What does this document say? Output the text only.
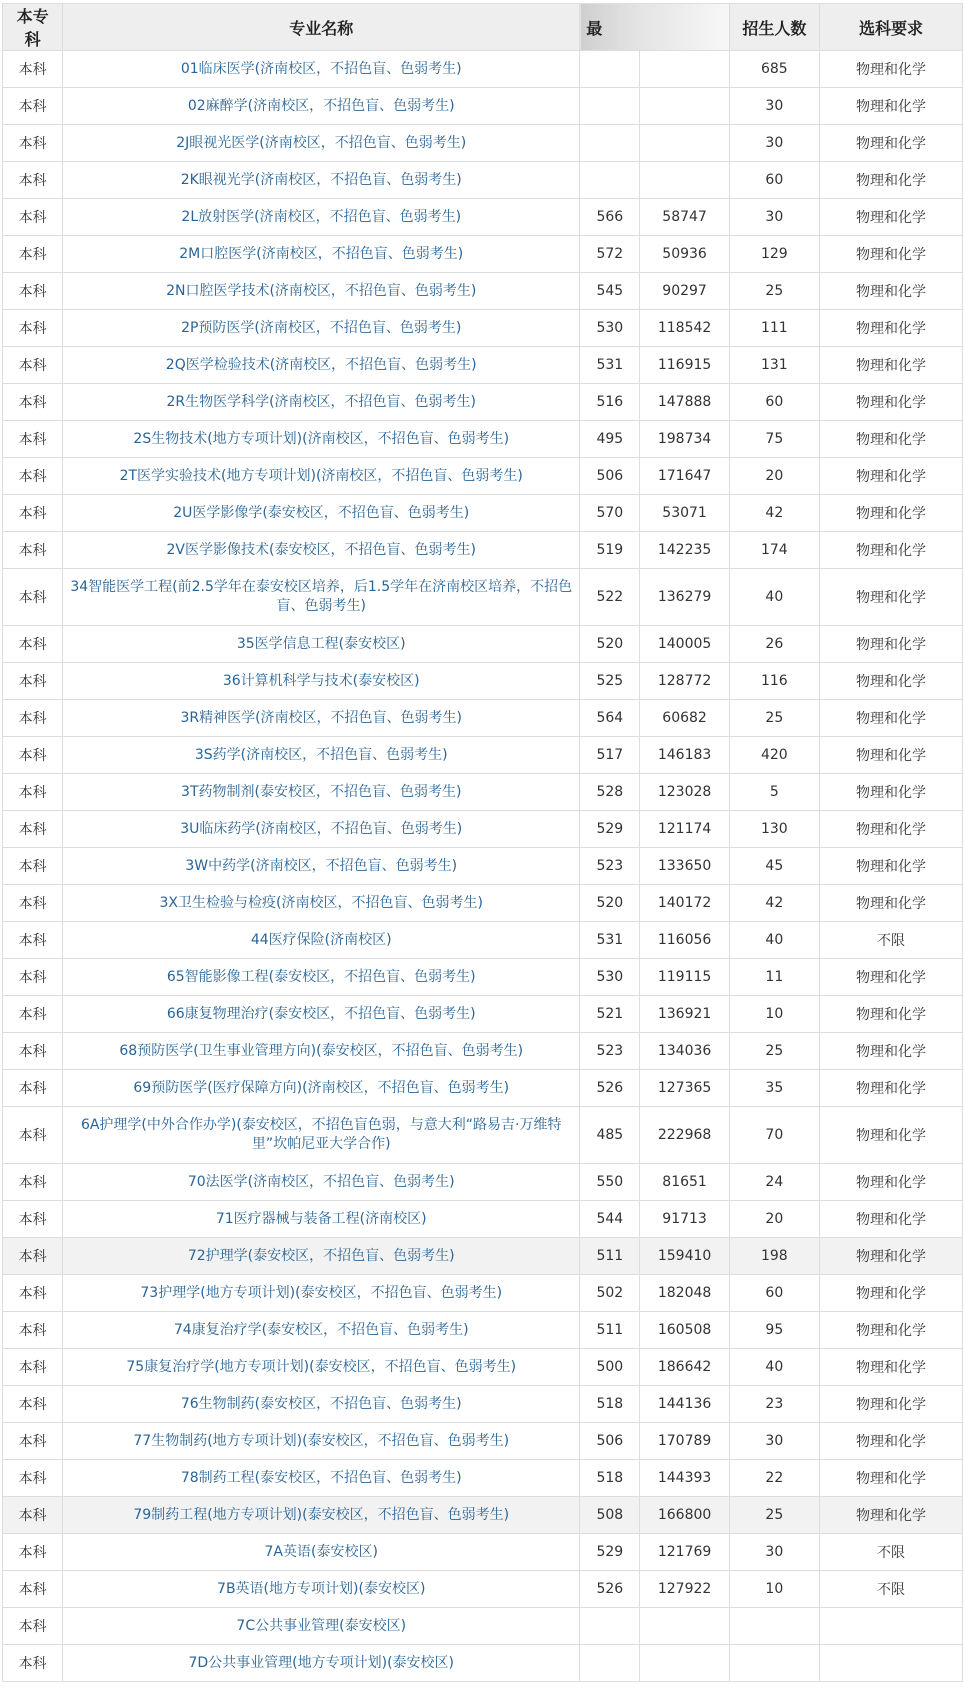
本专科	专业名称	最		招生人数	选科要求
本科	01临床医学(济南校区，不招色盲、色弱考生)			685	物理和化学
本科	02麻醉学(济南校区，不招色盲、色弱考生)			30	物理和化学
本科	2J眼视光医学(济南校区，不招色盲、色弱考生)			30	物理和化学
本科	2K眼视光学(济南校区，不招色盲、色弱考生)			60	物理和化学
本科	2L放射医学(济南校区，不招色盲、色弱考生)	566	58747	30	物理和化学
本科	2M口腔医学(济南校区，不招色盲、色弱考生)	572	50936	129	物理和化学
本科	2N口腔医学技术(济南校区，不招色盲、色弱考生)	545	90297	25	物理和化学
本科	2P预防医学(济南校区，不招色盲、色弱考生)	530	118542	111	物理和化学
本科	2Q医学检验技术(济南校区，不招色盲、色弱考生)	531	116915	131	物理和化学
本科	2R生物医学科学(济南校区，不招色盲、色弱考生)	516	147888	60	物理和化学
本科	2S生物技术(地方专项计划)(济南校区，不招色盲、色弱考生)	495	198734	75	物理和化学
本科	2T医学实验技术(地方专项计划)(济南校区，不招色盲、色弱考生)	506	171647	20	物理和化学
本科	2U医学影像学(泰安校区，不招色盲、色弱考生)	570	53071	42	物理和化学
本科	2V医学影像技术(泰安校区，不招色盲、色弱考生)	519	142235	174	物理和化学
本科	34智能医学工程(前2.5学年在泰安校区培养，后1.5学年在济南校区培养，不招色盲、色弱考生)	522	136279	40	物理和化学
本科	35医学信息工程(泰安校区)	520	140005	26	物理和化学
本科	36计算机科学与技术(泰安校区)	525	128772	116	物理和化学
本科	3R精神医学(济南校区，不招色盲、色弱考生)	564	60682	25	物理和化学
本科	3S药学(济南校区，不招色盲、色弱考生)	517	146183	420	物理和化学
本科	3T药物制剂(泰安校区，不招色盲、色弱考生)	528	123028	5	物理和化学
本科	3U临床药学(济南校区，不招色盲、色弱考生)	529	121174	130	物理和化学
本科	3W中药学(济南校区，不招色盲、色弱考生)	523	133650	45	物理和化学
本科	3X卫生检验与检疫(济南校区，不招色盲、色弱考生)	520	140172	42	物理和化学
本科	44医疗保险(济南校区)	531	116056	40	不限
本科	65智能影像工程(泰安校区，不招色盲、色弱考生)	530	119115	11	物理和化学
本科	66康复物理治疗(泰安校区，不招色盲、色弱考生)	521	136921	10	物理和化学
本科	68预防医学(卫生事业管理方向)(泰安校区，不招色盲、色弱考生)	523	134036	25	物理和化学
本科	69预防医学(医疗保障方向)(济南校区，不招色盲、色弱考生)	526	127365	35	物理和化学
本科	6A护理学(中外合作办学)(泰安校区，不招色盲色弱，与意大利“路易吉·万维特里”坎帕尼亚大学合作)	485	222968	70	物理和化学
本科	70法医学(济南校区，不招色盲、色弱考生)	550	81651	24	物理和化学
本科	71医疗器械与装备工程(济南校区)	544	91713	20	物理和化学
本科	72护理学(泰安校区，不招色盲、色弱考生)	511	159410	198	物理和化学
本科	73护理学(地方专项计划)(泰安校区，不招色盲、色弱考生)	502	182048	60	物理和化学
本科	74康复治疗学(泰安校区，不招色盲、色弱考生)	511	160508	95	物理和化学
本科	75康复治疗学(地方专项计划)(泰安校区，不招色盲、色弱考生)	500	186642	40	物理和化学
本科	76生物制药(泰安校区，不招色盲、色弱考生)	518	144136	23	物理和化学
本科	77生物制药(地方专项计划)(泰安校区，不招色盲、色弱考生)	506	170789	30	物理和化学
本科	78制药工程(泰安校区，不招色盲、色弱考生)	518	144393	22	物理和化学
本科	79制药工程(地方专项计划)(泰安校区，不招色盲、色弱考生)	508	166800	25	物理和化学
本科	7A英语(泰安校区)	529	121769	30	不限
本科	7B英语(地方专项计划)(泰安校区)	526	127922	10	不限
本科	7C公共事业管理(泰安校区)				
本科	7D公共事业管理(地方专项计划)(泰安校区)				
